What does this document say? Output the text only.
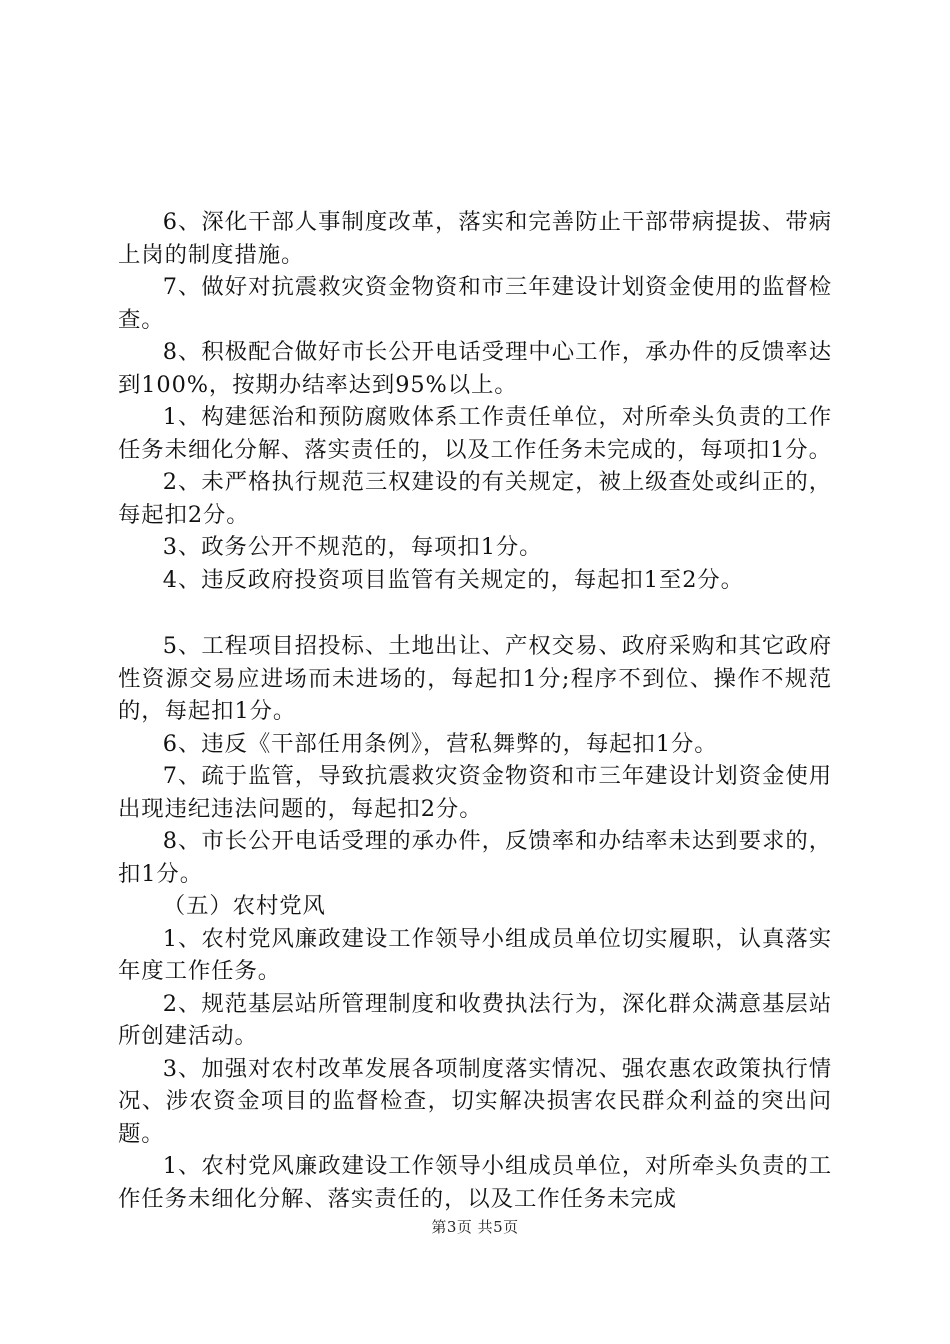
6、深化干部人事制度改革，落实和完善防止干部带病提拔、带病上岗的制度措施。

7、做好对抗震救灾资金物资和市三年建设计划资金使用的监督检查。

8、积极配合做好市长公开电话受理中心工作，承办件的反馈率达到100%，按期办结率达到95%以上。

1、构建惩治和预防腐败体系工作责任单位，对所牵头负责的工作任务未细化分解、落实责任的，以及工作任务未完成的，每项扣1分。

2、未严格执行规范三权建设的有关规定，被上级查处或纠正的，每起扣2分。

3、政务公开不规范的，每项扣1分。

4、违反政府投资项目监管有关规定的，每起扣1至2分。

5、工程项目招投标、土地出让、产权交易、政府采购和其它政府性资源交易应进场而未进场的，每起扣1分;程序不到位、操作不规范的，每起扣1分。

6、违反《干部任用条例》，营私舞弊的，每起扣1分。

7、疏于监管，导致抗震救灾资金物资和市三年建设计划资金使用出现违纪违法问题的，每起扣2分。

8、市长公开电话受理的承办件，反馈率和办结率未达到要求的，扣1分。

（五）农村党风

1、农村党风廉政建设工作领导小组成员单位切实履职，认真落实年度工作任务。

2、规范基层站所管理制度和收费执法行为，深化群众满意基层站所创建活动。

3、加强对农村改革发展各项制度落实情况、强农惠农政策执行情况、涉农资金项目的监督检查，切实解决损害农民群众利益的突出问题。

1、农村党风廉政建设工作领导小组成员单位，对所牵头负责的工作任务未细化分解、落实责任的，以及工作任务未完成

第3页 共5页
